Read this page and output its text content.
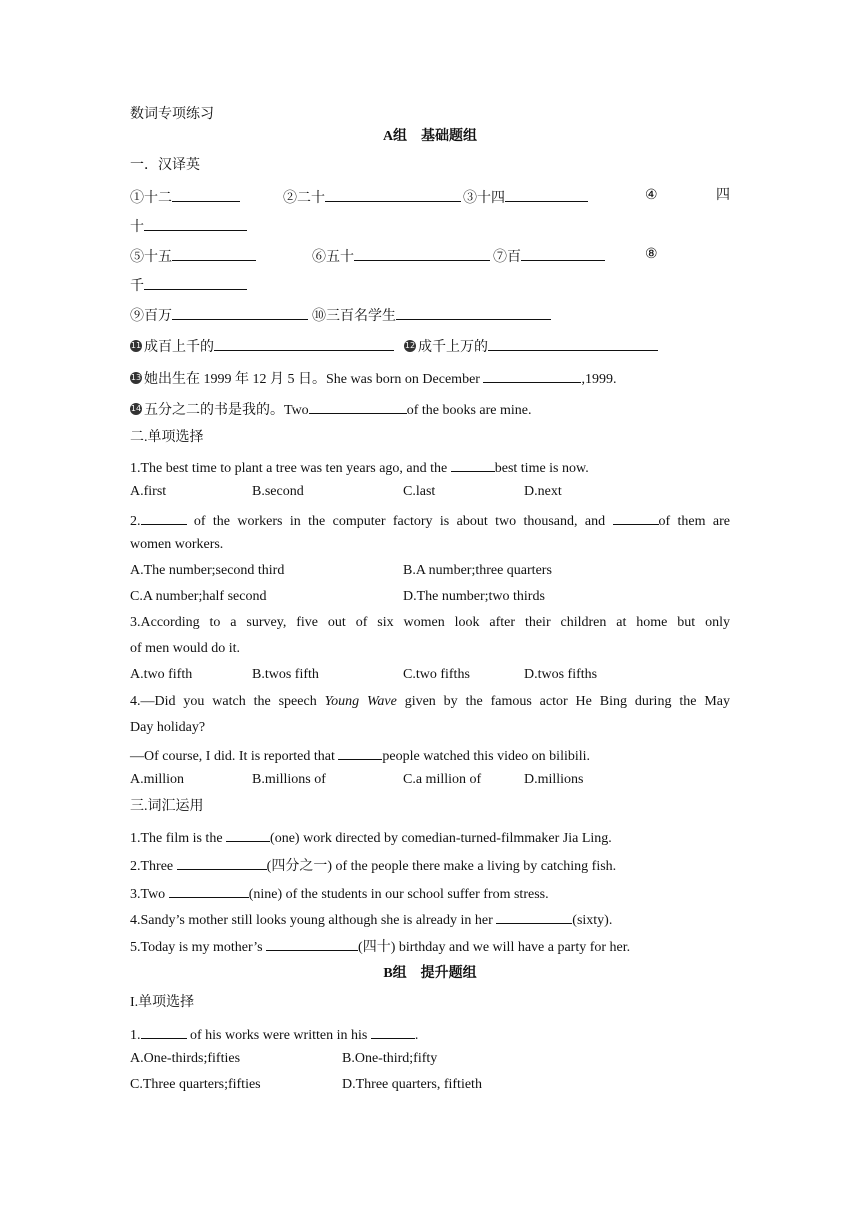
数词专项练习
A组　基础题组
一．汉译英
①十二	②二十	③十四	④	四
十
⑤十五	⑥五十	⑦百	⑧
千
⑨百万	⑩三百名学生
11 成百上千的	12 成千上万的
13 她出生在 1999 年 12 月 5 日。She was born on December	,1999.
14 五分之二的书是我的。Two	of the books are mine.
二.单项选择
1.The best time to plant a tree was ten years ago, and the	best time is now.
A.first	B.second	C.last	D.next
2.	of the workers in the computer factory is about two thousand, and	of them are
women workers.
A.The number;second third	B.A number;three quarters
C.A number;half second	D.The number;two thirds
3.According to a survey, five out of six women look after their children at home but only
of men would do it.
A.two fifth	B.twos fifth	C.two fifths	D.twos fifths
4.—Did you watch the speech Young Wave given by the famous actor He Bing during the May
Day holiday?
—Of course, I did. It is reported that	people watched this video on bilibili.
A.million	B.millions of	C.a million of	D.millions
三.词汇运用
1.The film is the	(one) work directed by comedian-turned-filmmaker Jia Ling.
2.Three	(四分之一) of the people there make a living by catching fish.
3.Two	(nine) of the students in our school suffer from stress.
4.Sandy’s mother still looks young although she is already in her	(sixty).
5.Today is my mother’s	(四十) birthday and we will have a party for her.
B组　提升题组
I.单项选择
1.	of his works were written in his	.
A.One-thirds;fifties	B.One-third;fifty
C.Three quarters;fifties	D.Three quarters, fiftieth
